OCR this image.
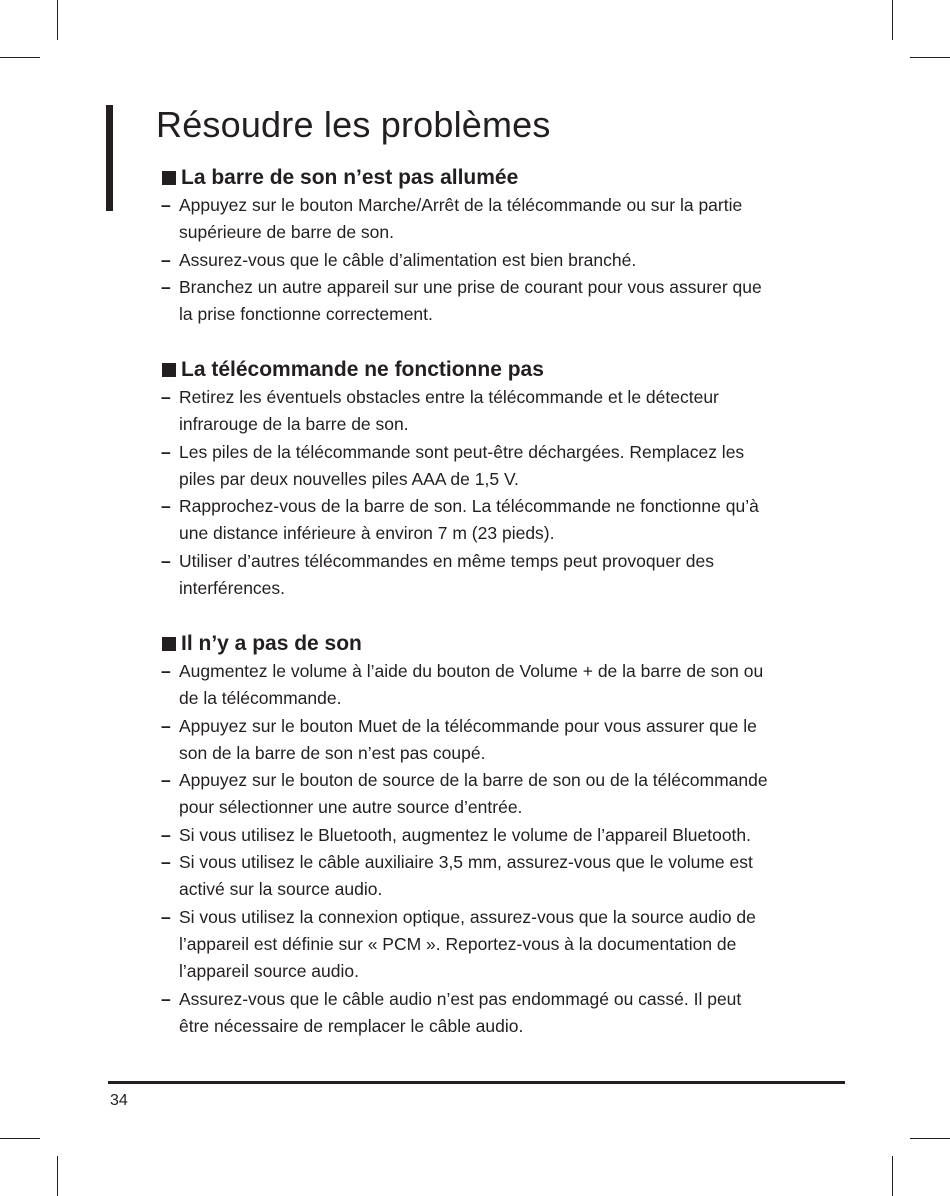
Résoudre les problèmes
La barre de son n’est pas allumée
– Appuyez sur le bouton Marche/Arrêt de la télécommande ou sur la partie
supérieure de barre de son.
– Assurez-vous que le câble d’alimentation est bien branché.
– Branchez un autre appareil sur une prise de courant pour vous assurer que
la prise fonctionne correctement.
La télécommande ne fonctionne pas
– Retirez les éventuels obstacles entre la télécommande et le détecteur
infrarouge de la barre de son.
– Les piles de la télécommande sont peut-être déchargées. Remplacez les
piles par deux nouvelles piles AAA de 1,5 V.
– Rapprochez-vous de la barre de son. La télécommande ne fonctionne qu’à
une distance inférieure à environ 7 m (23 pieds).
– Utiliser d’autres télécommandes en même temps peut provoquer des
interférences.
Il n’y a pas de son
– Augmentez le volume à l’aide du bouton de Volume + de la barre de son ou
de la télécommande.
– Appuyez sur le bouton Muet de la télécommande pour vous assurer que le
son de la barre de son n’est pas coupé.
– Appuyez sur le bouton de source de la barre de son ou de la télécommande
pour sélectionner une autre source d’entrée.
– Si vous utilisez le Bluetooth, augmentez le volume de l’appareil Bluetooth.
– Si vous utilisez le câble auxiliaire 3,5 mm, assurez-vous que le volume est
activé sur la source audio.
– Si vous utilisez la connexion optique, assurez-vous que la source audio de
l’appareil est définie sur « PCM ». Reportez-vous à la documentation de
l’appareil source audio.
– Assurez-vous que le câble audio n’est pas endommagé ou cassé. Il peut
être nécessaire de remplacer le câble audio.
34
